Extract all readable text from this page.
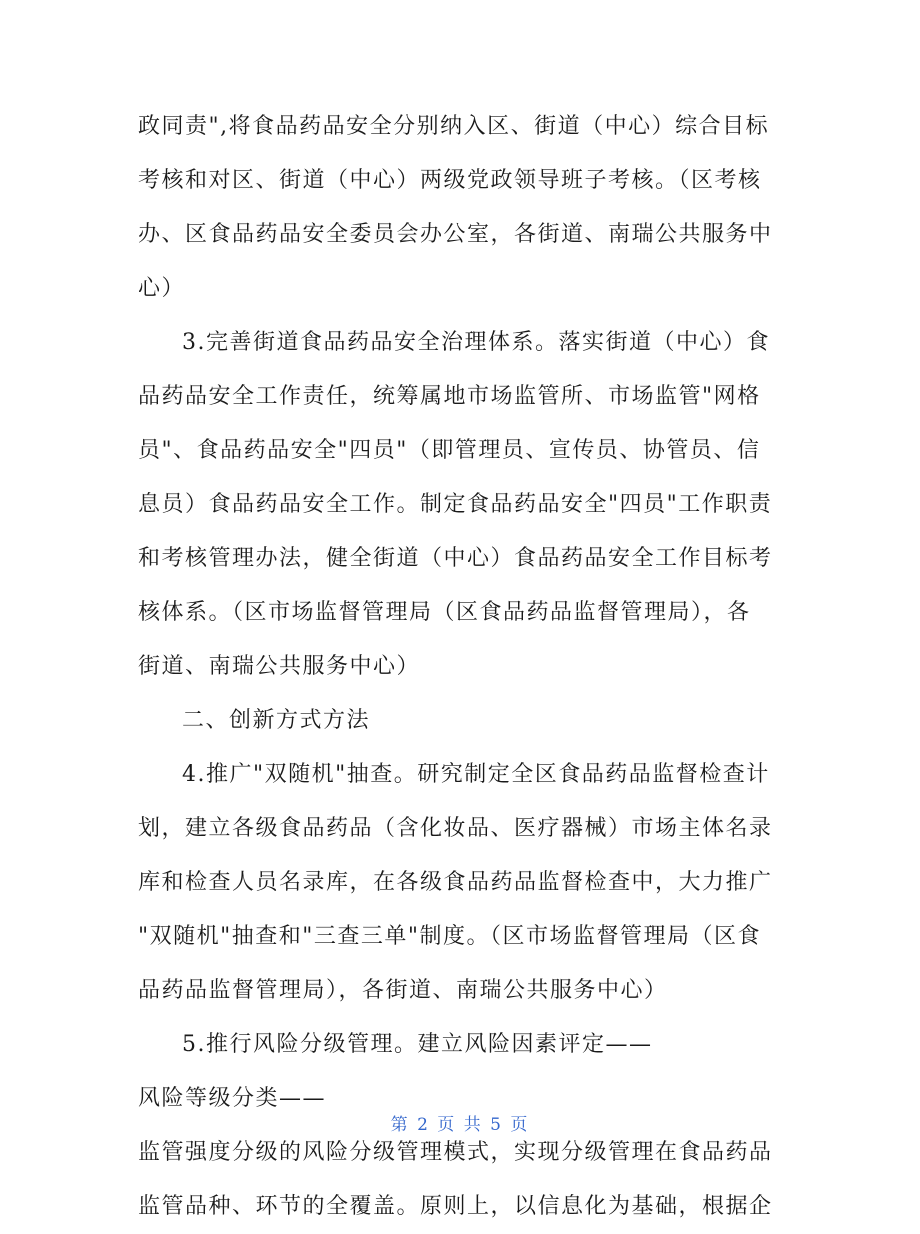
政同责",将食品药品安全分别纳入区、街道（中心）综合目标
考核和对区、街道（中心）两级党政领导班子考核。（区考核
办、区食品药品安全委员会办公室，各街道、南瑞公共服务中
心）
3.完善街道食品药品安全治理体系。落实街道（中心）食
品药品安全工作责任，统筹属地市场监管所、市场监管"网格
员"、食品药品安全"四员"（即管理员、宣传员、协管员、信
息员）食品药品安全工作。制定食品药品安全"四员"工作职责
和考核管理办法，健全街道（中心）食品药品安全工作目标考
核体系。（区市场监督管理局（区食品药品监督管理局），各
街道、南瑞公共服务中心）
二、创新方式方法
4.推广"双随机"抽查。研究制定全区食品药品监督检查计
划，建立各级食品药品（含化妆品、医疗器械）市场主体名录
库和检查人员名录库，在各级食品药品监督检查中，大力推广
"双随机"抽查和"三查三单"制度。（区市场监督管理局（区食
品药品监督管理局），各街道、南瑞公共服务中心）
5.推行风险分级管理。建立风险因素评定——
风险等级分类——
监管强度分级的风险分级管理模式，实现分级管理在食品药品
监管品种、环节的全覆盖。原则上，以信息化为基础，根据企
第 2 页 共 5 页
